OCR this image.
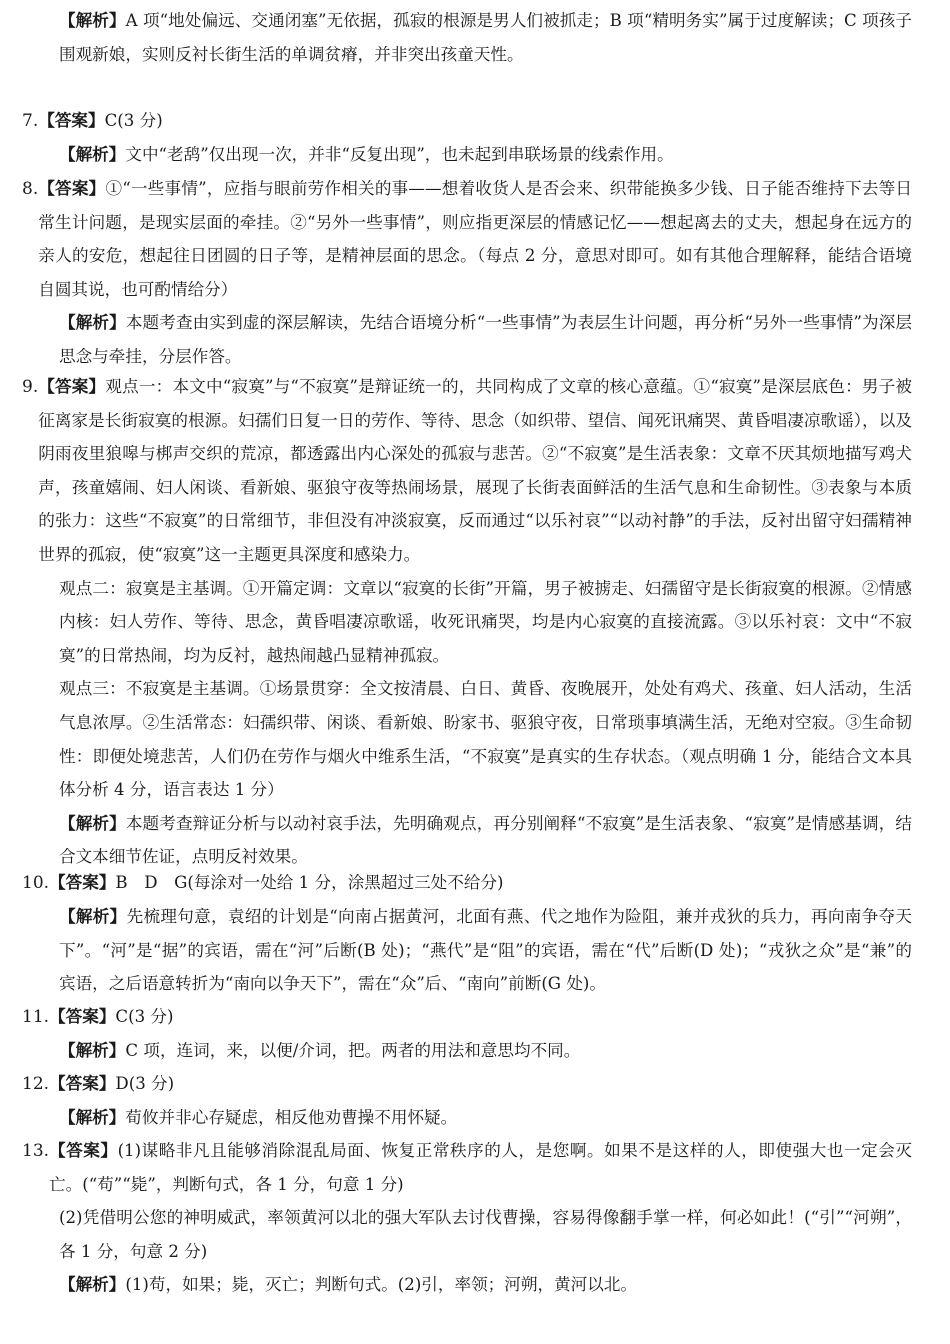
【解析】A 项“地处偏远、交通闭塞”无依据，孤寂的根源是男人们被抓走；B 项“精明务实”属于过度解读；C 项孩子围观新娘，实则反衬长街生活的单调贫瘠，并非突出孩童天性。

7. 【答案】C(3 分)

【解析】文中“老鸹”仅出现一次，并非“反复出现”，也未起到串联场景的线索作用。

8. 【答案】①“一些事情”，应指与眼前劳作相关的事——想着收货人是否会来、织带能换多少钱、日子能否维持下去等日常生计问题，是现实层面的牵挂。②“另外一些事情”，则应指更深层的情感记忆——想起离去的丈夫，想起身在远方的亲人的安危，想起往日团圆的日子等，是精神层面的思念。（每点 2 分，意思对即可。如有其他合理解释，能结合语境自圆其说，也可酌情给分）

【解析】本题考查由实到虚的深层解读，先结合语境分析“一些事情”为表层生计问题，再分析“另外一些事情”为深层思念与牵挂，分层作答。

9. 【答案】观点一：本文中“寂寞”与“不寂寞”是辩证统一的，共同构成了文章的核心意蕴。①“寂寞”是深层底色：男子被征离家是长街寂寞的根源。妇孺们日复一日的劳作、等待、思念（如织带、望信、闻死讯痛哭、黄昏唱凄凉歌谣），以及阴雨夜里狼嗥与梆声交织的荒凉，都透露出内心深处的孤寂与悲苦。②“不寂寞”是生活表象：文章不厌其烦地描写鸡犬声，孩童嬉闹、妇人闲谈、看新娘、驱狼守夜等热闹场景，展现了长街表面鲜活的生活气息和生命韧性。③表象与本质的张力：这些“不寂寞”的日常细节，非但没有冲淡寂寞，反而通过“以乐衬哀”“以动衬静”的手法，反衬出留守妇孺精神世界的孤寂，使“寂寞”这一主题更具深度和感染力。

观点二：寂寞是主基调。①开篇定调：文章以“寂寞的长街”开篇，男子被掳走、妇孺留守是长街寂寞的根源。②情感内核：妇人劳作、等待、思念，黄昏唱凄凉歌谣，收死讯痛哭，均是内心寂寞的直接流露。③以乐衬哀：文中“不寂寞”的日常热闹，均为反衬，越热闹越凸显精神孤寂。

观点三：不寂寞是主基调。①场景贯穿：全文按清晨、白日、黄昏、夜晚展开，处处有鸡犬、孩童、妇人活动，生活气息浓厚。②生活常态：妇孺织带、闲谈、看新娘、盼家书、驱狼守夜，日常琐事填满生活，无绝对空寂。③生命韧性：即便处境悲苦，人们仍在劳作与烟火中维系生活，“不寂寞”是真实的生存状态。（观点明确 1 分，能结合文本具体分析 4 分，语言表达 1 分）

【解析】本题考查辩证分析与以动衬哀手法，先明确观点，再分别阐释“不寂寞”是生活表象、“寂寞”是情感基调，结合文本细节佐证，点明反衬效果。

10. 【答案】B　D　G(每涂对一处给 1 分，涂黑超过三处不给分)

【解析】先梳理句意，袁绍的计划是“向南占据黄河，北面有燕、代之地作为险阻，兼并戎狄的兵力，再向南争夺天下”。“河”是“据”的宾语，需在“河”后断(B 处)；“燕代”是“阻”的宾语，需在“代”后断(D 处)；“戎狄之众”是“兼”的宾语，之后语意转折为“南向以争天下”，需在“众”后、“南向”前断(G 处)。

11. 【答案】C(3 分)

【解析】C 项，连词，来，以便/介词，把。两者的用法和意思均不同。

12. 【答案】D(3 分)

【解析】荀攸并非心存疑虑，相反他劝曹操不用怀疑。

13. 【答案】(1)谋略非凡且能够消除混乱局面、恢复正常秩序的人，是您啊。如果不是这样的人，即使强大也一定会灭亡。(“苟”“毙”，判断句式，各 1 分，句意 1 分)

(2)凭借明公您的神明威武，率领黄河以北的强大军队去讨伐曹操，容易得像翻手掌一样，何必如此！(“引”“河朔”，各 1 分，句意 2 分)

【解析】(1)苟，如果；毙，灭亡；判断句式。(2)引，率领；河朔，黄河以北。
